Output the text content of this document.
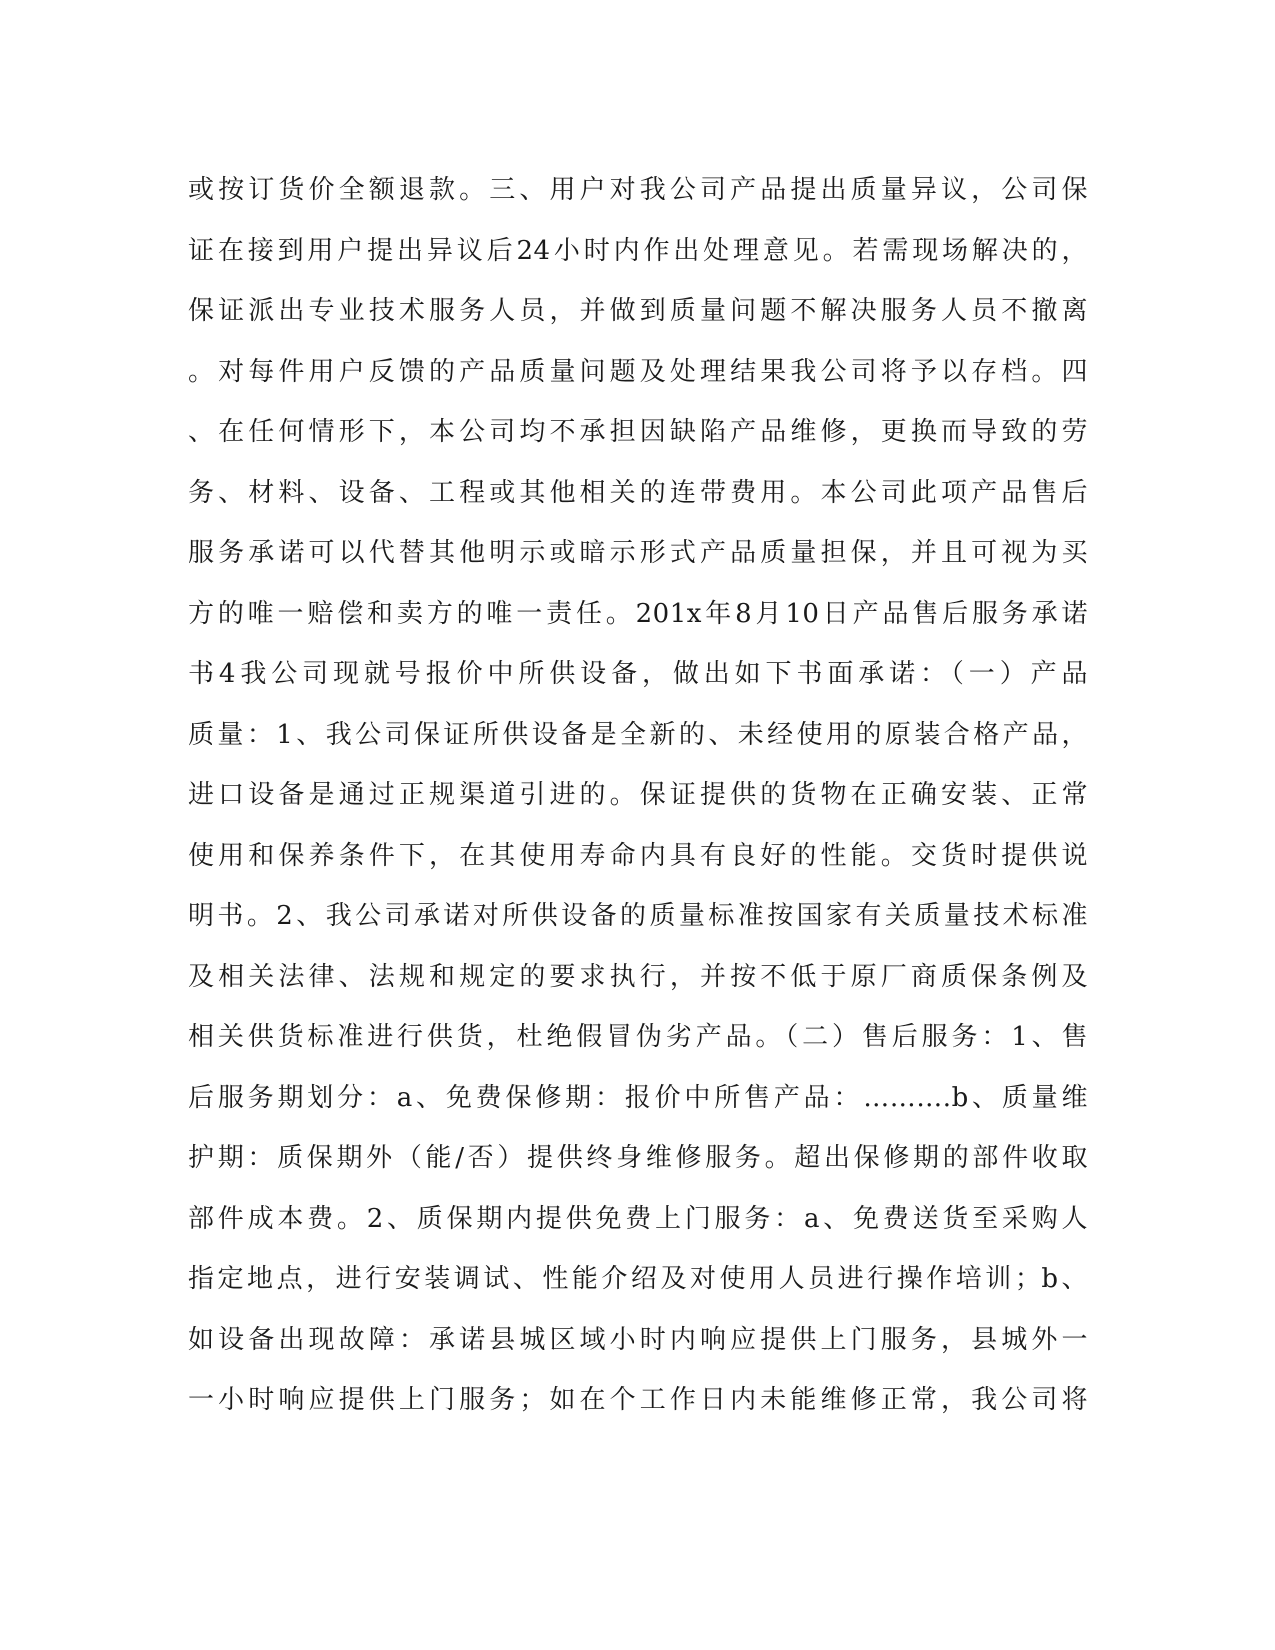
或按订货价全额退款。三、用户对我公司产品提出质量异议，公司保
证在接到用户提出异议后24小时内作出处理意见。若需现场解决的，
保证派出专业技术服务人员，并做到质量问题不解决服务人员不撤离
。对每件用户反馈的产品质量问题及处理结果我公司将予以存档。四
、在任何情形下，本公司均不承担因缺陷产品维修，更换而导致的劳
务、材料、设备、工程或其他相关的连带费用。本公司此项产品售后
服务承诺可以代替其他明示或暗示形式产品质量担保，并且可视为买
方的唯一赔偿和卖方的唯一责任。201x年8月10日产品售后服务承诺
书4我公司现就号报价中所供设备，做出如下书面承诺：（一）产品
质量：1、我公司保证所供设备是全新的、未经使用的原装合格产品，
进口设备是通过正规渠道引进的。保证提供的货物在正确安装、正常
使用和保养条件下，在其使用寿命内具有良好的性能。交货时提供说
明书。2、我公司承诺对所供设备的质量标准按国家有关质量技术标准
及相关法律、法规和规定的要求执行，并按不低于原厂商质保条例及
相关供货标准进行供货，杜绝假冒伪劣产品。（二）售后服务：1、售
后服务期划分：a、免费保修期：报价中所售产品：……….b、质量维
护期：质保期外（能/否）提供终身维修服务。超出保修期的部件收取
部件成本费。2、质保期内提供免费上门服务：a、免费送货至采购人
指定地点，进行安装调试、性能介绍及对使用人员进行操作培训；b、
如设备出现故障：承诺县城区域小时内响应提供上门服务，县城外一
一小时响应提供上门服务；如在个工作日内未能维修正常，我公司将
